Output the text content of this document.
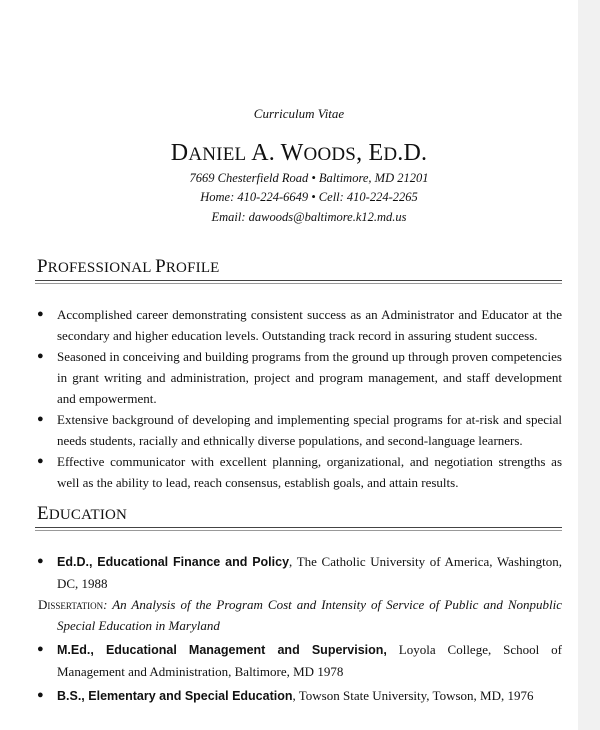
Curriculum Vitae
DANIEL A. WOODS, ED.D.
7669 Chesterfield Road • Baltimore, MD 21201
Home: 410-224-6649 • Cell: 410-224-2265
Email: dawoods@baltimore.k12.md.us
PROFESSIONAL PROFILE
● Accomplished career demonstrating consistent success as an Administrator and Educator at the secondary and higher education levels. Outstanding track record in assuring student success.
● Seasoned in conceiving and building programs from the ground up through proven competencies in grant writing and administration, project and program management, and staff development and empowerment.
● Extensive background of developing and implementing special programs for at-risk and special needs students, racially and ethnically diverse populations, and second-language learners.
● Effective communicator with excellent planning, organizational, and negotiation strengths as well as the ability to lead, reach consensus, establish goals, and attain results.
EDUCATION
● Ed.D., Educational Finance and Policy, The Catholic University of America, Washington, DC, 1988
Dissertation: An Analysis of the Program Cost and Intensity of Service of Public and Nonpublic Special Education in Maryland
● M.Ed., Educational Management and Supervision, Loyola College, School of Management and Administration, Baltimore, MD 1978
● B.S., Elementary and Special Education, Towson State University, Towson, MD, 1976
